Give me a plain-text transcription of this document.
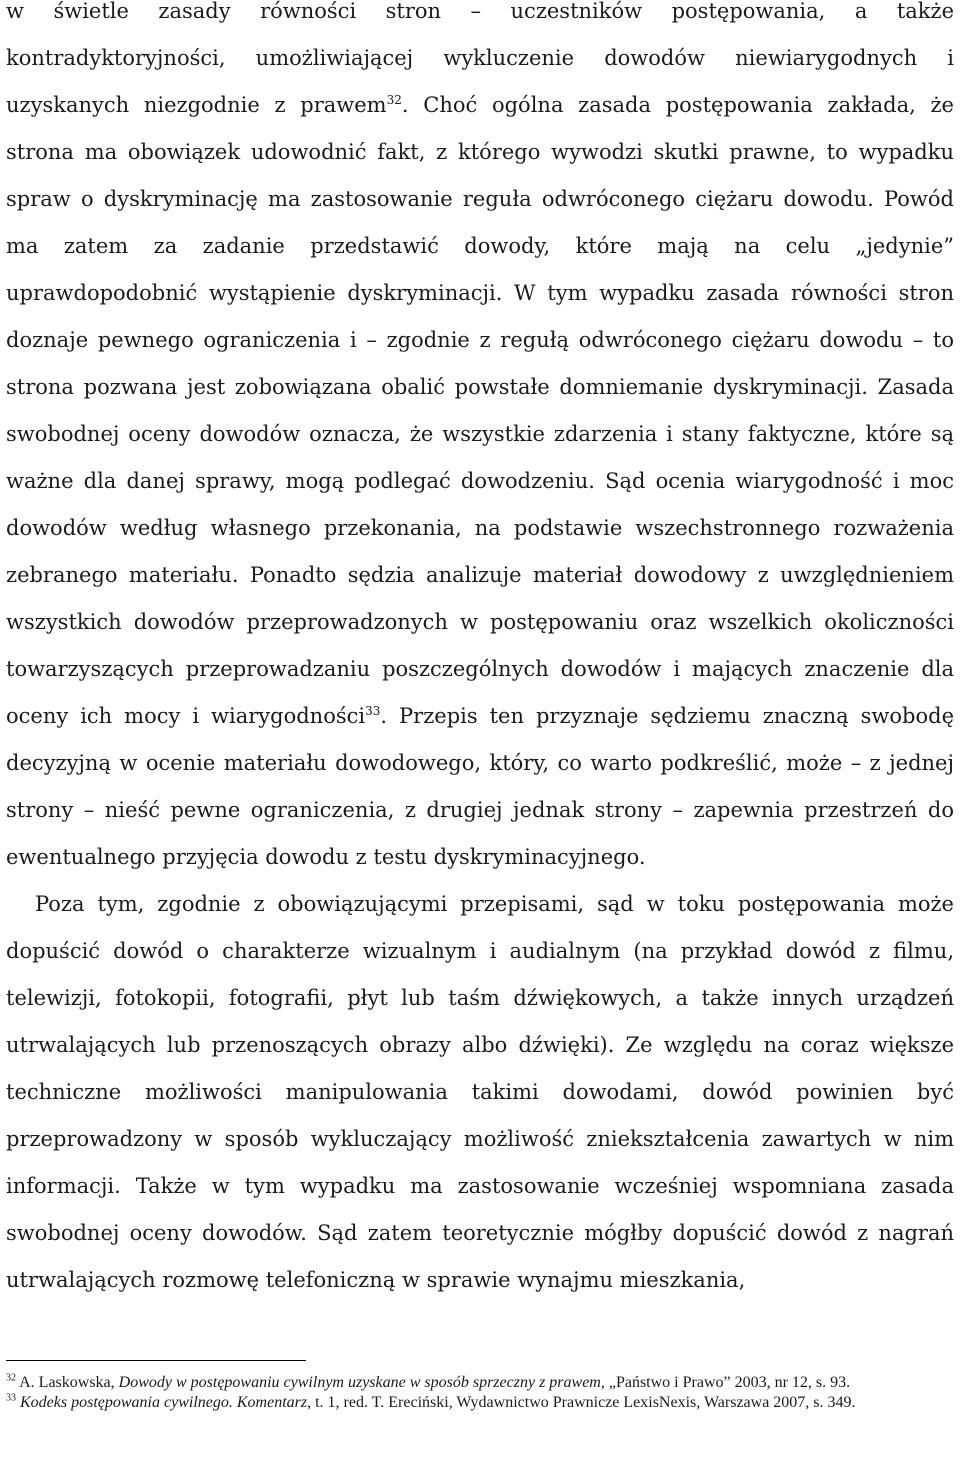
w świetle zasady równości stron – uczestników postępowania, a także kontradyktoryjności, umożliwiającej wykluczenie dowodów niewiarygodnych i uzyskanych niezgodnie z prawem$^{32}$. Choć ogólna zasada postępowania zakłada, że strona ma obowiązek udowodnić fakt, z którego wywodzi skutki prawne, to wypadku spraw o dyskryminację ma zastosowanie reguła odwróconego ciężaru dowodu. Powód ma zatem za zadanie przedstawić dowody, które mają na celu „jedynie” uprawdopodobnić wystąpienie dyskryminacji. W tym wypadku zasada równości stron doznaje pewnego ograniczenia i – zgodnie z regułą odwróconego ciężaru dowodu – to strona pozwana jest zobowiązana obalić powstałe domniemanie dyskryminacji. Zasada swobodnej oceny dowodów oznacza, że wszystkie zdarzenia i stany faktyczne, które są ważne dla danej sprawy, mogą podlegać dowodzeniu. Sąd ocenia wiarygodność i moc dowodów według własnego przekonania, na podstawie wszechstronnego rozważenia zebranego materiału. Ponadto sędzia analizuje materiał dowodowy z uwzględnieniem wszystkich dowodów przeprowadzonych w postępowaniu oraz wszelkich okoliczności towarzyszących przeprowadzaniu poszczególnych dowodów i mających znaczenie dla oceny ich mocy i wiarygodności$^{33}$. Przepis ten przyznaje sędziemu znaczną swobodę decyzyjną w ocenie materiału dowodowego, który, co warto podkreślić, może – z jednej strony – nieść pewne ograniczenia, z drugiej jednak strony – zapewnia przestrzeń do ewentualnego przyjęcia dowodu z testu dyskryminacyjnego.

Poza tym, zgodnie z obowiązującymi przepisami, sąd w toku postępowania może dopuścić dowód o charakterze wizualnym i audialnym (na przykład dowód z filmu, telewizji, fotokopii, fotografii, płyt lub taśm dźwiękowych, a także innych urządzeń utrwalających lub przenoszących obrazy albo dźwięki). Ze względu na coraz większe techniczne możliwości manipulowania takimi dowodami, dowód powinien być przeprowadzony w sposób wykluczający możliwość zniekształcenia zawartych w nim informacji. Także w tym wypadku ma zastosowanie wcześniej wspomniana zasada swobodnej oceny dowodów. Sąd zatem teoretycznie mógłby dopuścić dowód z nagrań utrwalających rozmowę telefoniczną w sprawie wynajmu mieszkania,

$^{32}$ A. Laskowska, Dowody w postępowaniu cywilnym uzyskane w sposób sprzeczny z prawem, „Państwo i Prawo” 2003, nr 12, s. 93.

$^{33}$ Kodeks postępowania cywilnego. Komentarz, t. 1, red. T. Ereciński, Wydawnictwo Prawnicze LexisNexis, Warszawa 2007, s. 349.
